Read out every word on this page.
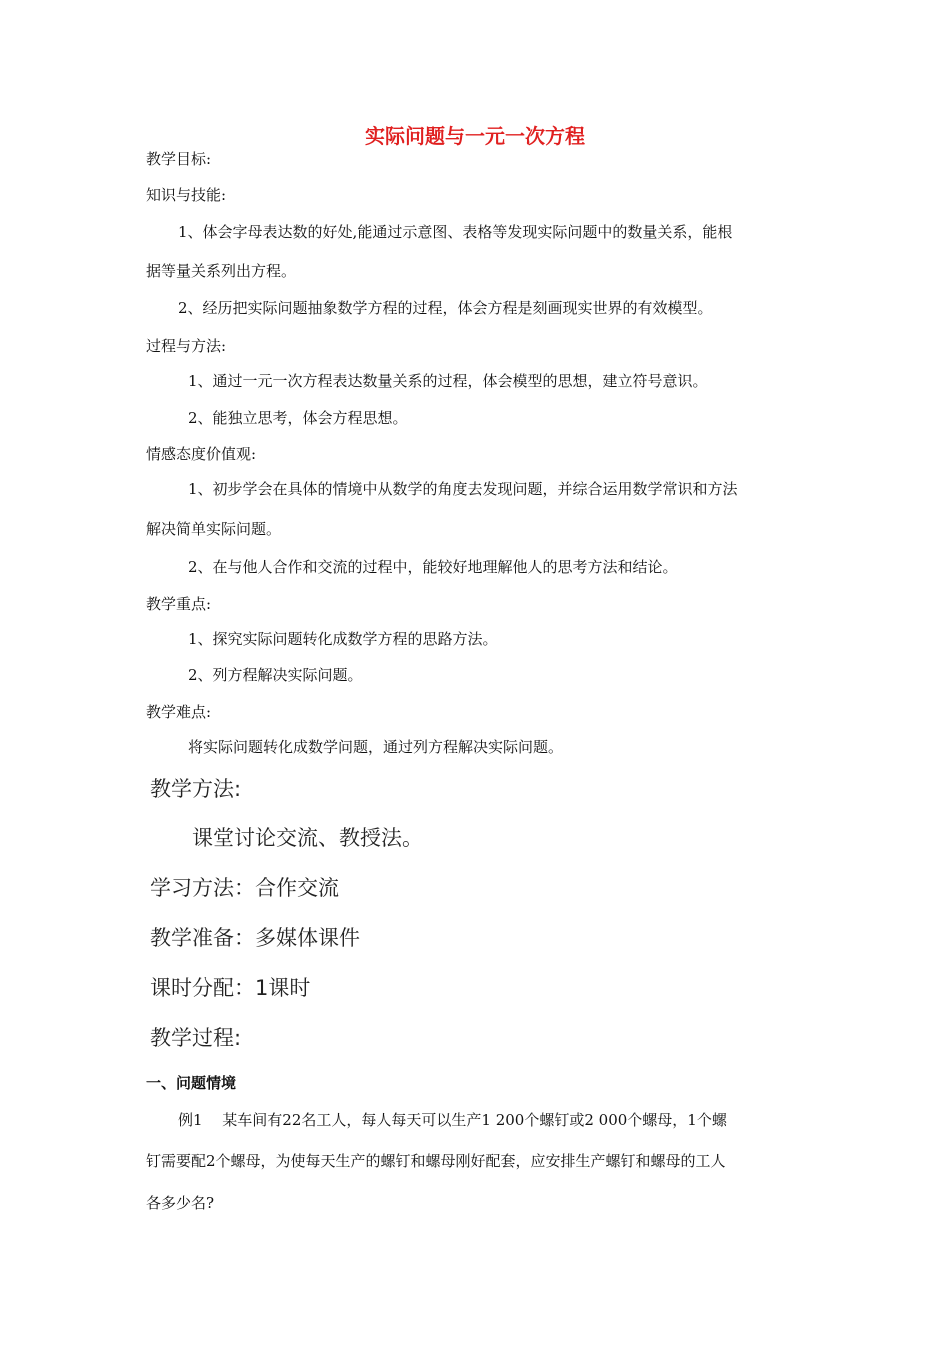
实际问题与一元一次方程
教学目标:
知识与技能:
1、体会字母表达数的好处,能通过示意图、表格等发现实际问题中的数量关系，能根
据等量关系列出方程。
2、经历把实际问题抽象数学方程的过程，体会方程是刻画现实世界的有效模型。
过程与方法:
1、通过一元一次方程表达数量关系的过程，体会模型的思想，建立符号意识。
2、能独立思考，体会方程思想。
情感态度价值观:
1、初步学会在具体的情境中从数学的角度去发现问题，并综合运用数学常识和方法
解决简单实际问题。
2、在与他人合作和交流的过程中，能较好地理解他人的思考方法和结论。
教学重点:
1、探究实际问题转化成数学方程的思路方法。
2、列方程解决实际问题。
教学难点:
将实际问题转化成数学问题，通过列方程解决实际问题。
教学方法:
课堂讨论交流、教授法。
学习方法：合作交流
教学准备：多媒体课件
课时分配：1课时
教学过程:
一、问题情境
例1　 某车间有22名工人，每人每天可以生产1 200个螺钉或2 000个螺母，1个螺
钉需要配2个螺母，为使每天生产的螺钉和螺母刚好配套，应安排生产螺钉和螺母的工人
各多少名?
